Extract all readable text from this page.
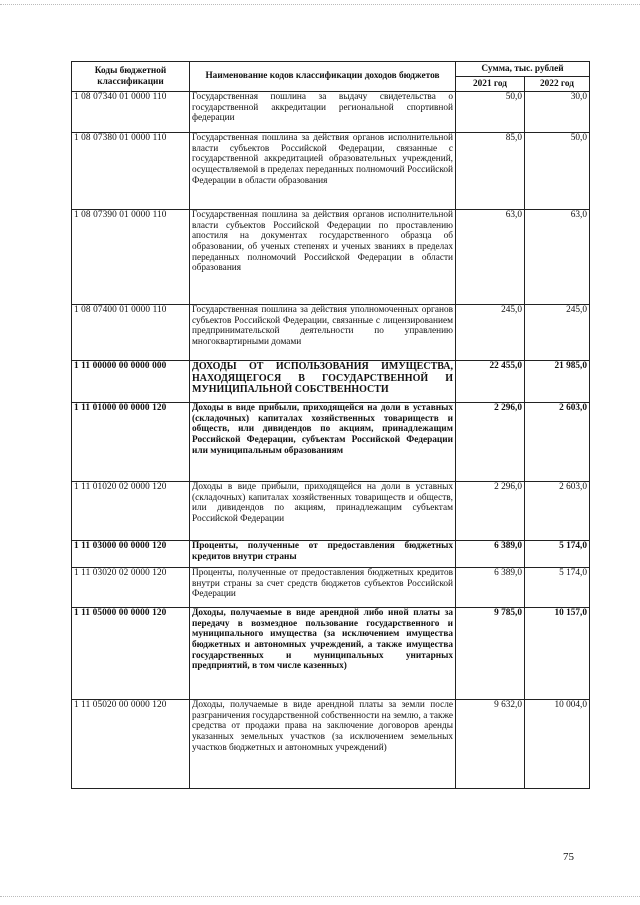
Коды бюджетной классификации	Наименование кодов классификации доходов бюджетов	Сумма, тыс. рублей	
		2021 год	2022 год
1 08 07340 01 0000 110	Государственная пошлина за выдачу свидетельства о государственной аккредитации региональной спортивной федерации	50,0	30,0
1 08 07380 01 0000 110	Государственная пошлина за действия органов исполнительной власти субъектов Российской Федерации, связанные с государственной аккредитацией образовательных учреждений, осуществляемой в пределах переданных полномочий Российской Федерации в области образования	85,0	50,0
1 08 07390 01 0000 110	Государственная пошлина за действия органов исполнительной власти субъектов Российской Федерации по проставлению апостиля на документах государственного образца об образовании, об ученых степенях и ученых званиях в пределах переданных полномочий Российской Федерации в области образования	63,0	63,0
1 08 07400 01 0000 110	Государственная пошлина за действия уполномоченных органов субъектов Российской Федерации, связанные с лицензированием предпринимательской деятельности по управлению многоквартирными домами	245,0	245,0
1 11 00000 00 0000 000	ДОХОДЫ ОТ ИСПОЛЬЗОВАНИЯ ИМУЩЕСТВА, НАХОДЯЩЕГОСЯ В ГОСУДАРСТВЕННОЙ И МУНИЦИПАЛЬНОЙ СОБСТВЕННОСТИ	22 455,0	21 985,0
1 11 01000 00 0000 120	Доходы в виде прибыли, приходящейся на доли в уставных (складочных) капиталах хозяйственных товариществ и обществ, или дивидендов по акциям, принадлежащим Российской Федерации, субъектам Российской Федерации или муниципальным образованиям	2 296,0	2 603,0
1 11 01020 02 0000 120	Доходы в виде прибыли, приходящейся на доли в уставных (складочных) капиталах хозяйственных товариществ и обществ, или дивидендов по акциям, принадлежащим субъектам Российской Федерации	2 296,0	2 603,0
1 11 03000 00 0000 120	Проценты, полученные от предоставления бюджетных кредитов внутри страны	6 389,0	5 174,0
1 11 03020 02 0000 120	Проценты, полученные от предоставления бюджетных кредитов внутри страны за счет средств бюджетов субъектов Российской Федерации	6 389,0	5 174,0
1 11 05000 00 0000 120	Доходы, получаемые в виде арендной либо иной платы за передачу в возмездное пользование государственного и муниципального имущества (за исключением имущества бюджетных и автономных учреждений, а также имущества государственных и муниципальных унитарных предприятий, в том числе казенных)	9 785,0	10 157,0
1 11 05020 00 0000 120	Доходы, получаемые в виде арендной платы за земли после разграничения государственной собственности на землю, а также средства от продажи права на заключение договоров аренды указанных земельных участков (за исключением земельных участков бюджетных и автономных учреждений)	9 632,0	10 004,0
75
